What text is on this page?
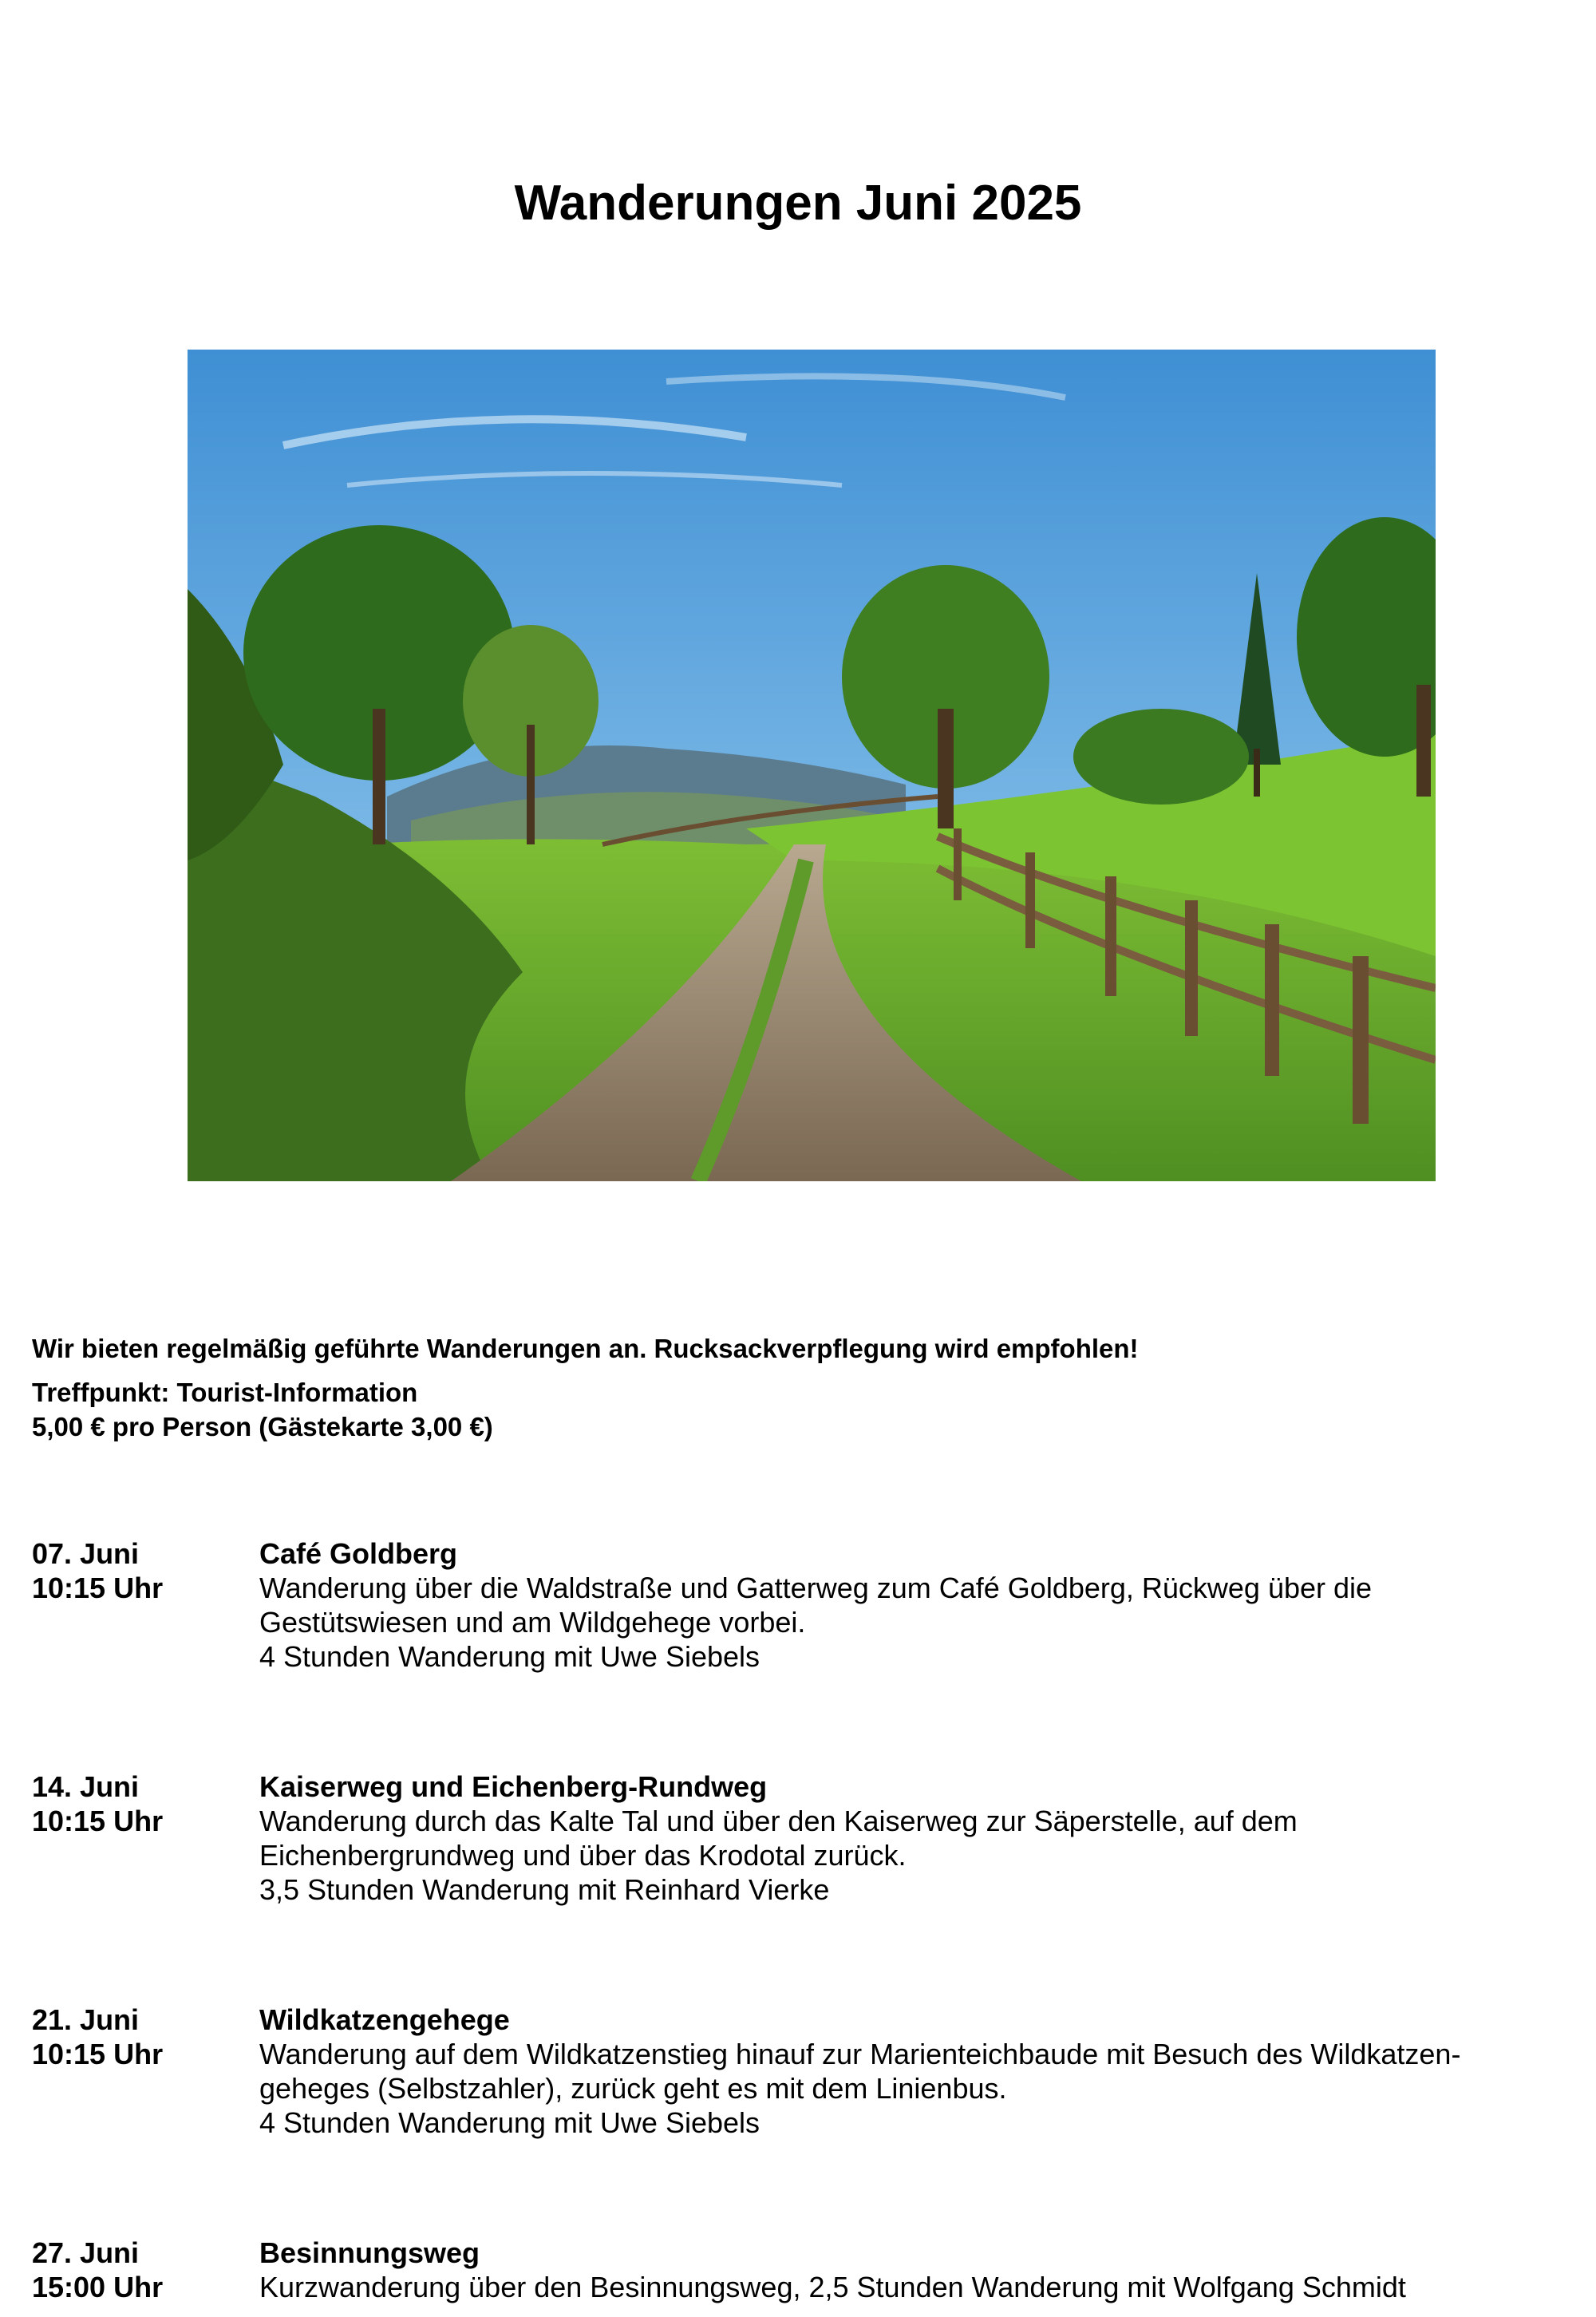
Wanderungen Juni 2025
Wir bieten regelmäßig geführte Wanderungen an. Rucksackverpflegung wird empfohlen!
Treffpunkt: Tourist-Information
5,00 € pro Person (Gästekarte 3,00 €)
07. Juni
10:15 Uhr
Café Goldberg
Wanderung über die Waldstraße und Gatterweg zum Café Goldberg, Rückweg über die
Gestütswiesen und am Wildgehege vorbei.
4 Stunden Wanderung mit Uwe Siebels
14. Juni
10:15 Uhr
Kaiserweg und Eichenberg-Rundweg
Wanderung durch das Kalte Tal und über den Kaiserweg zur Säperstelle, auf dem
Eichenbergrundweg und über das Krodotal zurück.
3,5 Stunden Wanderung mit Reinhard Vierke
21. Juni
10:15 Uhr
Wildkatzengehege
Wanderung auf dem Wildkatzenstieg hinauf zur Marienteichbaude mit Besuch des Wildkatzen-
geheges (Selbstzahler), zurück geht es mit dem Linienbus.
4 Stunden Wanderung mit Uwe Siebels
27. Juni
15:00 Uhr
Besinnungsweg
Kurzwanderung über den Besinnungsweg, 2,5 Stunden Wanderung mit Wolfgang Schmidt
